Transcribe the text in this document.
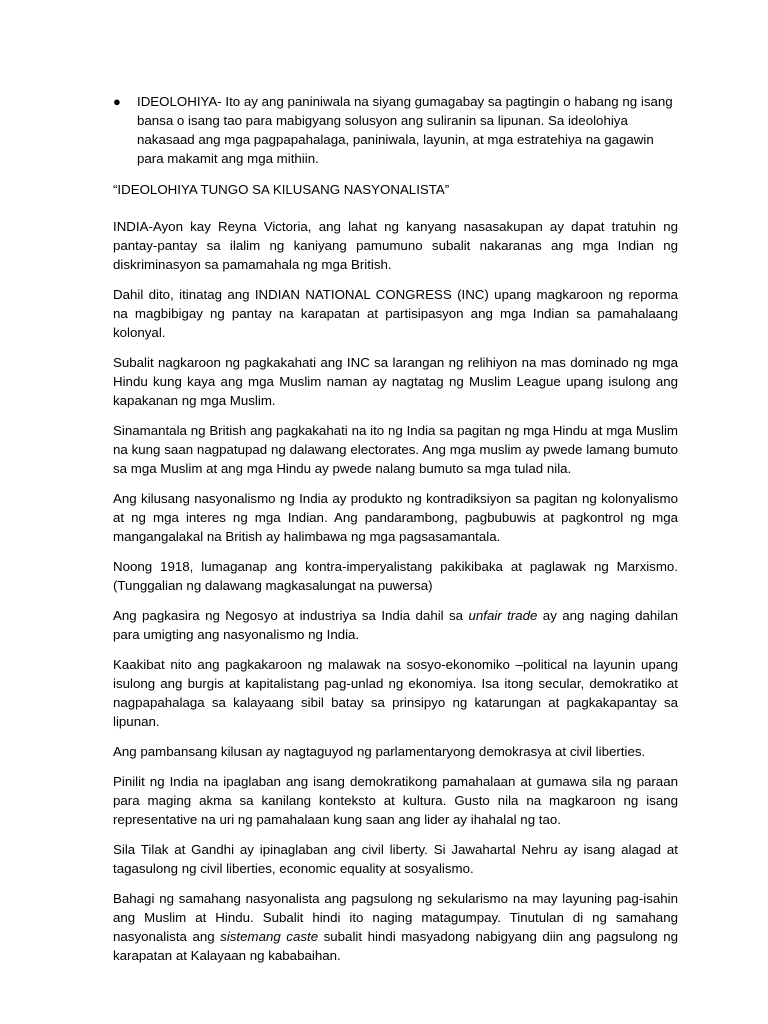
●	IDEOLOHIYA- Ito ay ang paniniwala na siyang gumagabay sa pagtingin o habang ng isang bansa o isang tao para mabigyang solusyon ang suliranin sa lipunan. Sa ideolohiya nakasaad ang mga pagpapahalaga, paniniwala, layunin, at mga estratehiya na gagawin para makamit ang mga mithiin.
“IDEOLOHIYA TUNGO SA KILUSANG NASYONALISTA”

INDIA-Ayon kay Reyna Victoria, ang lahat ng kanyang nasasakupan ay dapat tratuhin ng pantay-pantay sa ilalim ng kaniyang pamumuno subalit nakaranas ang mga Indian ng diskriminasyon sa pamamahala ng mga British.

Dahil dito, itinatag ang INDIAN NATIONAL CONGRESS (INC) upang magkaroon ng reporma na magbibigay ng pantay na karapatan at partisipasyon ang mga Indian sa pamahalaang kolonyal.

Subalit nagkaroon ng pagkakahati ang INC sa larangan ng relihiyon na mas dominado ng mga Hindu kung kaya ang mga Muslim naman ay nagtatag ng Muslim League upang isulong ang kapakanan ng mga Muslim.

Sinamantala ng British ang pagkakahati na ito ng India sa pagitan ng mga Hindu at mga Muslim na kung saan nagpatupad ng dalawang electorates. Ang mga muslim ay pwede lamang bumuto sa mga Muslim at ang mga Hindu ay pwede nalang bumuto sa mga tulad nila.

Ang kilusang nasyonalismo ng India ay produkto ng kontradiksiyon sa pagitan ng kolonyalismo at ng mga interes ng mga Indian. Ang pandarambong, pagbubuwis at pagkontrol ng mga mangangalakal na British ay halimbawa ng mga pagsasamantala.

Noong 1918, lumaganap ang kontra-imperyalistang pakikibaka at paglawak ng Marxismo. (Tunggalian ng dalawang magkasalungat na puwersa)

Ang pagkasira ng Negosyo at industriya sa India dahil sa unfair trade ay ang naging dahilan para umigting ang nasyonalismo ng India.

Kaakibat nito ang pagkakaroon ng malawak na sosyo-ekonomiko –political na layunin upang isulong ang burgis at kapitalistang pag-unlad ng ekonomiya. Isa itong secular, demokratiko at nagpapahalaga sa kalayaang sibil batay sa prinsipyo ng katarungan at pagkakapantay sa lipunan.

Ang pambansang kilusan ay nagtaguyod ng parlamentaryong demokrasya at civil liberties.

Pinilit ng India na ipaglaban ang isang demokratikong pamahalaan at gumawa sila ng paraan para maging akma sa kanilang konteksto at kultura. Gusto nila na magkaroon ng isang representative na uri ng pamahalaan kung saan ang lider ay ihahalal ng tao.

Sila Tilak at Gandhi ay ipinaglaban ang civil liberty. Si Jawahartal Nehru ay isang alagad at tagasulong ng civil liberties, economic equality at sosyalismo.

Bahagi ng samahang nasyonalista ang pagsulong ng sekularismo na may layuning pag-isahin ang Muslim at Hindu. Subalit hindi ito naging matagumpay. Tinutulan di ng samahang nasyonalista ang sistemang caste subalit hindi masyadong nabigyang diin ang pagsulong ng karapatan at Kalayaan ng kababaihan.
